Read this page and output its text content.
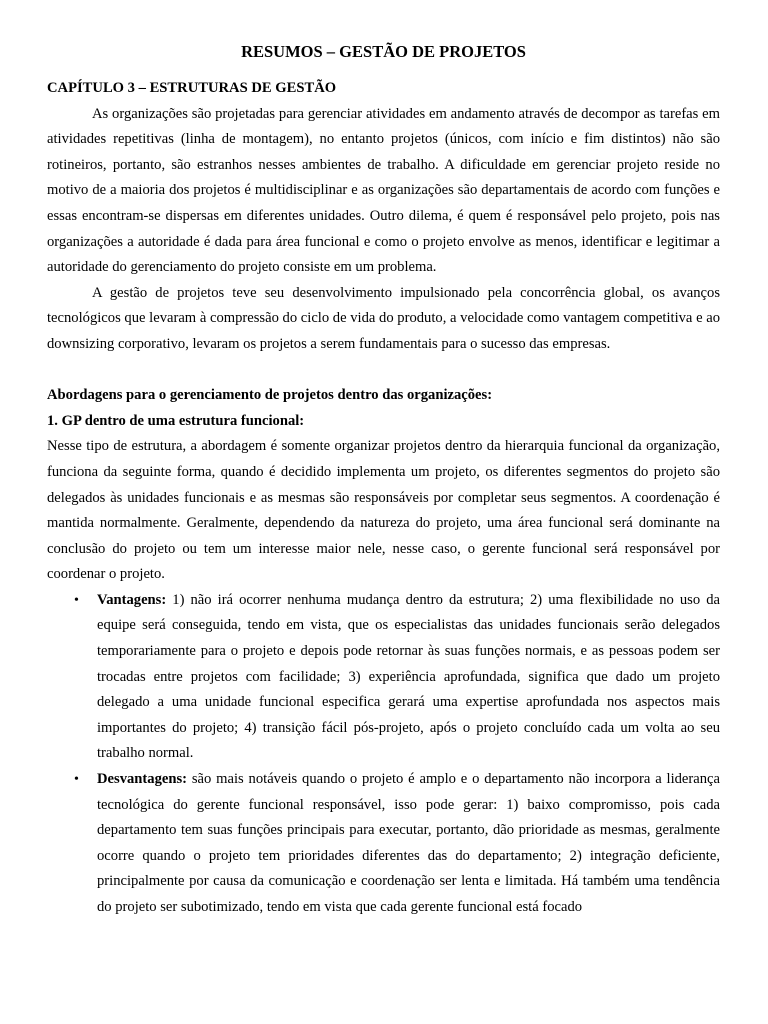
RESUMOS – GESTÃO DE PROJETOS
CAPÍTULO 3 – ESTRUTURAS DE GESTÃO

As organizações são projetadas para gerenciar atividades em andamento através de decompor as tarefas em atividades repetitivas (linha de montagem), no entanto projetos (únicos, com início e fim distintos) não são rotineiros, portanto, são estranhos nesses ambientes de trabalho. A dificuldade em gerenciar projeto reside no motivo de a maioria dos projetos é multidisciplinar e as organizações são departamentais de acordo com funções e essas encontram-se dispersas em diferentes unidades. Outro dilema, é quem é responsável pelo projeto, pois nas organizações a autoridade é dada para área funcional e como o projeto envolve as menos, identificar e legitimar a autoridade do gerenciamento do projeto consiste em um problema.

A gestão de projetos teve seu desenvolvimento impulsionado pela concorrência global, os avanços tecnológicos que levaram à compressão do ciclo de vida do produto, a velocidade como vantagem competitiva e ao downsizing corporativo, levaram os projetos a serem fundamentais para o sucesso das empresas.

Abordagens para o gerenciamento de projetos dentro das organizações:
1. GP dentro de uma estrutura funcional:

Nesse tipo de estrutura, a abordagem é somente organizar projetos dentro da hierarquia funcional da organização, funciona da seguinte forma, quando é decidido implementa um projeto, os diferentes segmentos do projeto são delegados às unidades funcionais e as mesmas são responsáveis por completar seus segmentos. A coordenação é mantida normalmente. Geralmente, dependendo da natureza do projeto, uma área funcional será dominante na conclusão do projeto ou tem um interesse maior nele, nesse caso, o gerente funcional será responsável por coordenar o projeto.

• Vantagens: 1) não irá ocorrer nenhuma mudança dentro da estrutura; 2) uma flexibilidade no uso da equipe será conseguida, tendo em vista, que os especialistas das unidades funcionais serão delegados temporariamente para o projeto e depois pode retornar às suas funções normais, e as pessoas podem ser trocadas entre projetos com facilidade; 3) experiência aprofundada, significa que dado um projeto delegado a uma unidade funcional especifica gerará uma expertise aprofundada nos aspectos mais importantes do projeto; 4) transição fácil pós-projeto, após o projeto concluído cada um volta ao seu trabalho normal.
• Desvantagens: são mais notáveis quando o projeto é amplo e o departamento não incorpora a liderança tecnológica do gerente funcional responsável, isso pode gerar: 1) baixo compromisso, pois cada departamento tem suas funções principais para executar, portanto, dão prioridade as mesmas, geralmente ocorre quando o projeto tem prioridades diferentes das do departamento; 2) integração deficiente, principalmente por causa da comunicação e coordenação ser lenta e limitada. Há também uma tendência do projeto ser subotimizado, tendo em vista que cada gerente funcional está focado
